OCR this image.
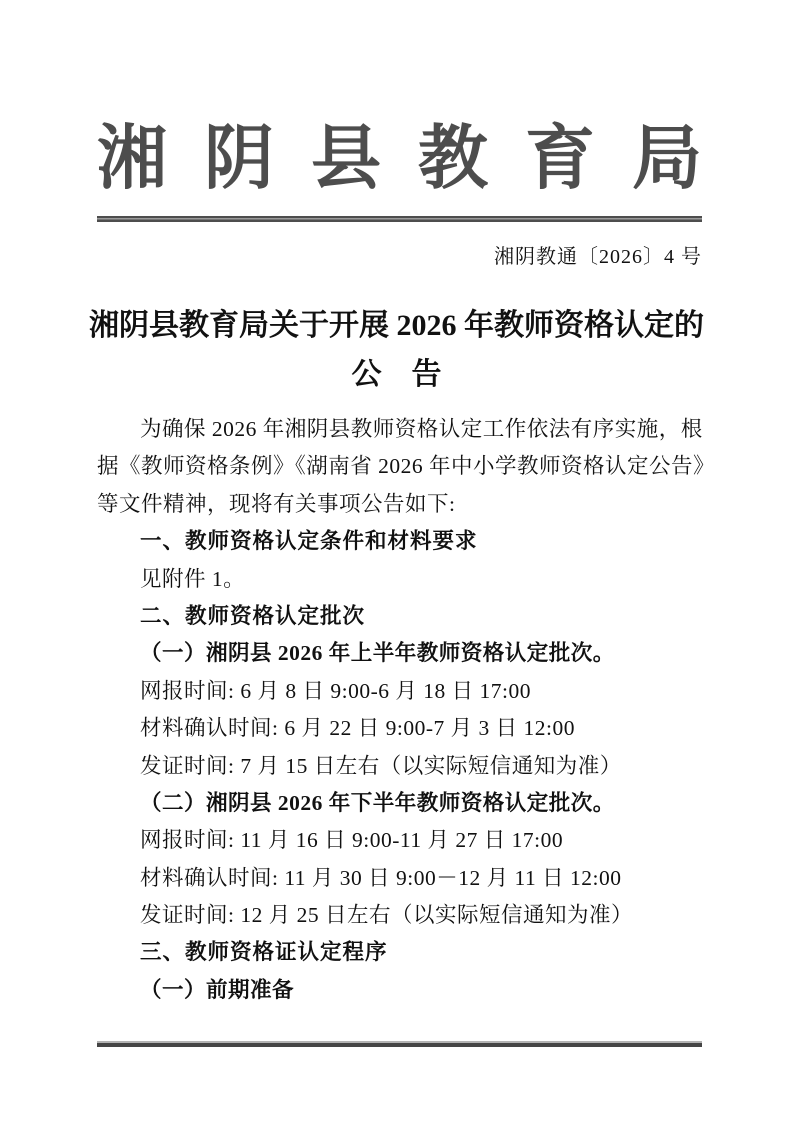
湘 阴 县 教 育 局
湘阴教通〔2026〕4 号
湘阴县教育局关于开展 2026 年教师资格认定的
公　告
为确保 2026 年湘阴县教师资格认定工作依法有序实施，根
据《教师资格条例》《湖南省 2026 年中小学教师资格认定公告》
等文件精神，现将有关事项公告如下:
一、教师资格认定条件和材料要求
见附件 1。
二、教师资格认定批次
（一）湘阴县 2026 年上半年教师资格认定批次。
网报时间: 6 月 8 日 9:00-6 月 18 日 17:00
材料确认时间: 6 月 22 日 9:00-7 月 3 日 12:00
发证时间: 7 月 15 日左右（以实际短信通知为准）
（二）湘阴县 2026 年下半年教师资格认定批次。
网报时间: 11 月 16 日 9:00-11 月 27 日 17:00
材料确认时间: 11 月 30 日 9:00－12 月 11 日 12:00
发证时间: 12 月 25 日左右（以实际短信通知为准）
三、教师资格证认定程序
（一）前期准备
